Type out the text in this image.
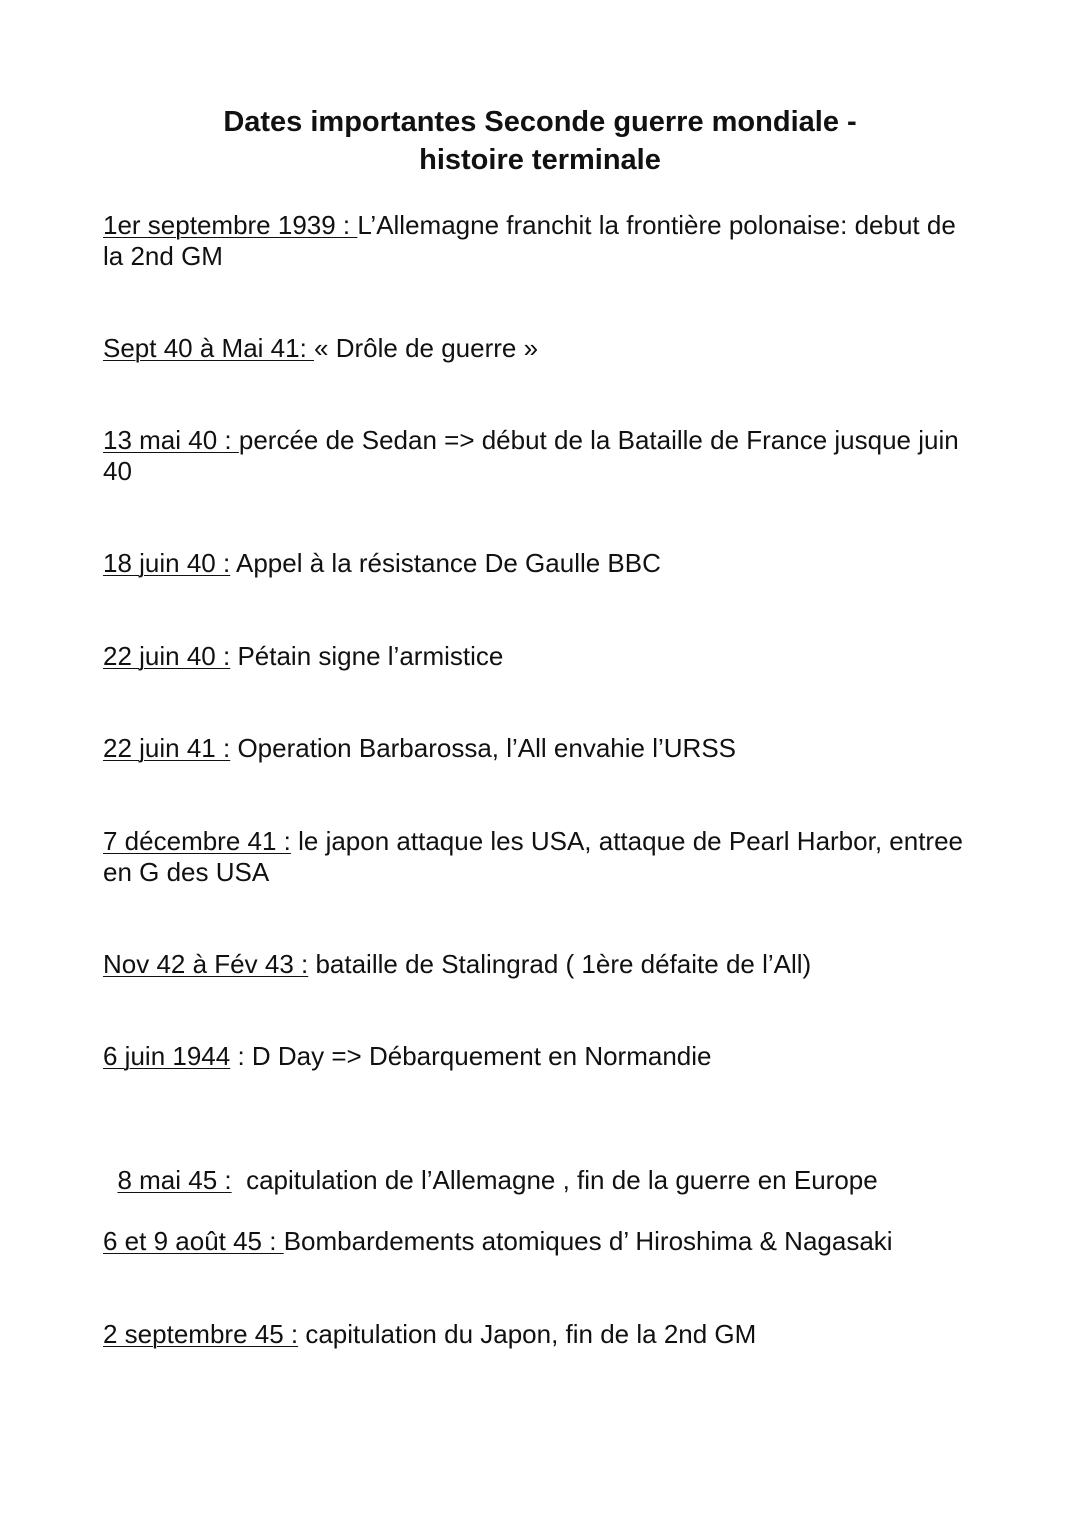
Dates importantes Seconde guerre mondiale -
histoire terminale

1er septembre 1939 : L’Allemagne franchit la frontière polonaise: debut de la 2nd GM

Sept 40 à Mai 41: « Drôle de guerre »

13 mai 40 : percée de Sedan => début de la Bataille de France jusque juin 40

18 juin 40 : Appel à la résistance De Gaulle BBC

22 juin 40 : Pétain signe l’armistice

22 juin 41 : Operation Barbarossa, l’All envahie l’URSS

7 décembre 41 : le japon attaque les USA, attaque de Pearl Harbor, entree en G des USA

Nov 42 à Fév 43 : bataille de Stalingrad ( 1ère défaite de l’All)

6 juin 1944 : D Day => Débarquement en Normandie

8 mai 45 :  capitulation de l’Allemagne , fin de la guerre en Europe

6 et 9 août 45 : Bombardements atomiques d’ Hiroshima & Nagasaki

2 septembre 45 : capitulation du Japon, fin de la 2nd GM
